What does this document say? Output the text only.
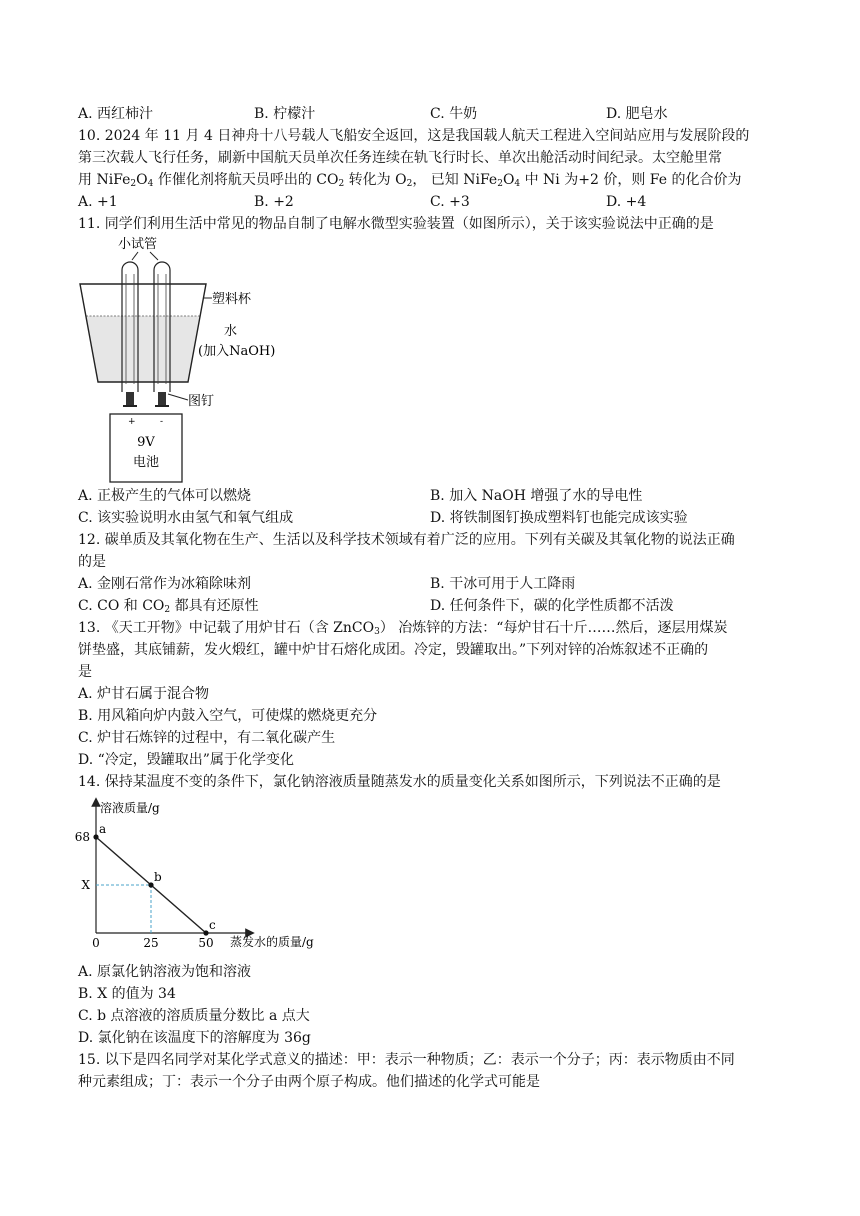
A. 西红柿汁	B. 柠檬汁	C. 牛奶	D. 肥皂水
10. 2024 年 11 月 4 日神舟十八号载人飞船安全返回，这是我国载人航天工程进入空间站应用与发展阶段的
第三次载人飞行任务，刷新中国航天员单次任务连续在轨飞行时长、单次出舱活动时间纪录。太空舱里常
用 $NiFe_2O_4$ 作催化剂将航天员呼出的 $CO_2$ 转化为 $O_2$， 已知 $NiFe_2O_4$ 中 Ni 为+2 价，则 Fe 的化合价为
A. +1	B. +2	C. +3	D. +4
11. 同学们利用生活中常见的物品自制了电解水微型实验装置（如图所示），关于该实验说法中正确的是
小试管
塑料杯
水
(加入NaOH)
图钉
+	-
9V
电池
A. 正极产生的气体可以燃烧	B. 加入 NaOH 增强了水的导电性
C. 该实验说明水由氢气和氧气组成	D. 将铁制图钉换成塑料钉也能完成该实验
12. 碳单质及其氧化物在生产、生活以及科学技术领域有着广泛的应用。下列有关碳及其氧化物的说法正确
的是
A. 金刚石常作为冰箱除味剂	B. 干冰可用于人工降雨
C. CO 和 $CO_2$ 都具有还原性	D. 任何条件下，碳的化学性质都不活泼
13. 《天工开物》中记载了用炉甘石（含 ZnCO$_3$） 冶炼锌的方法：“每炉甘石十斤……然后，逐层用煤炭
饼垫盛，其底铺薪，发火煅红，罐中炉甘石熔化成团。冷定，毁罐取出。”下列对锌的冶炼叙述不正确的
是
A. 炉甘石属于混合物
B. 用风箱向炉内鼓入空气，可使煤的燃烧更充分
C. 炉甘石炼锌的过程中，有二氧化碳产生
D. “冷定，毁罐取出”属于化学变化
14. 保持某温度不变的条件下，氯化钠溶液质量随蒸发水的质量变化关系如图所示，下列说法不正确的是
溶液质量/g
蒸发水的质量/g
a
b
c
0	25	50
68
X
A. 原氯化钠溶液为饱和溶液
B. X 的值为 34
C. b 点溶液的溶质质量分数比 a 点大
D. 氯化钠在该温度下的溶解度为 36g
15. 以下是四名同学对某化学式意义的描述：甲：表示一种物质；乙：表示一个分子；丙：表示物质由不同
种元素组成；丁：表示一个分子由两个原子构成。他们描述的化学式可能是
